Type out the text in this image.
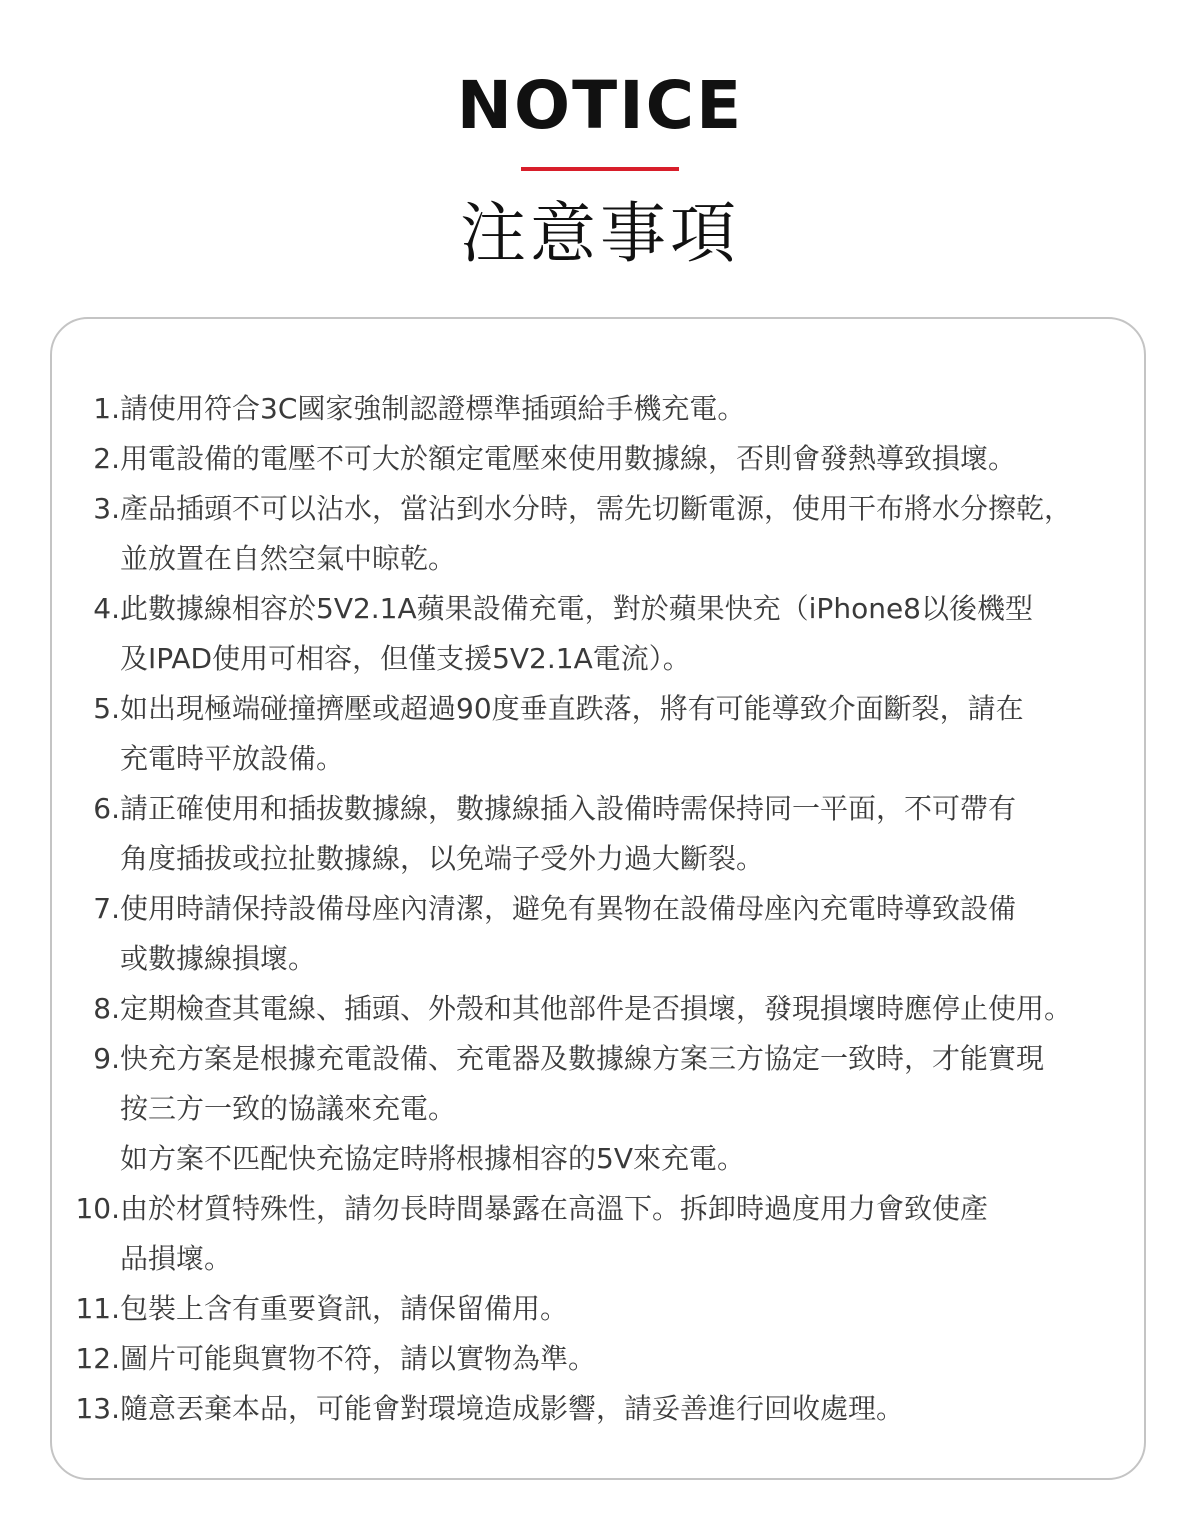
NOTICE
注意事項
1.請使用符合3C國家強制認證標準插頭給手機充電。
2.用電設備的電壓不可大於額定電壓來使用數據線，否則會發熱導致損壞。
3.產品插頭不可以沾水，當沾到水分時，需先切斷電源，使用干布將水分擦乾，
並放置在自然空氣中晾乾。
4.此數據線相容於5V2.1A蘋果設備充電，對於蘋果快充（iPhone8以後機型
及IPAD使用可相容，但僅支援5V2.1A電流）。
5.如出現極端碰撞擠壓或超過90度垂直跌落，將有可能導致介面斷裂，請在
充電時平放設備。
6.請正確使用和插拔數據線，數據線插入設備時需保持同一平面，不可帶有
角度插拔或拉扯數據線，以免端子受外力過大斷裂。
7.使用時請保持設備母座內清潔，避免有異物在設備母座內充電時導致設備
或數據線損壞。
8.定期檢查其電線、插頭、外殼和其他部件是否損壞，發現損壞時應停止使用。
9.快充方案是根據充電設備、充電器及數據線方案三方協定一致時，才能實現
按三方一致的協議來充電。
如方案不匹配快充協定時將根據相容的5V來充電。
10.由於材質特殊性，請勿長時間暴露在高溫下。拆卸時過度用力會致使產
品損壞。
11.包裝上含有重要資訊，請保留備用。
12.圖片可能與實物不符，請以實物為準。
13.隨意丟棄本品，可能會對環境造成影響，請妥善進行回收處理。
